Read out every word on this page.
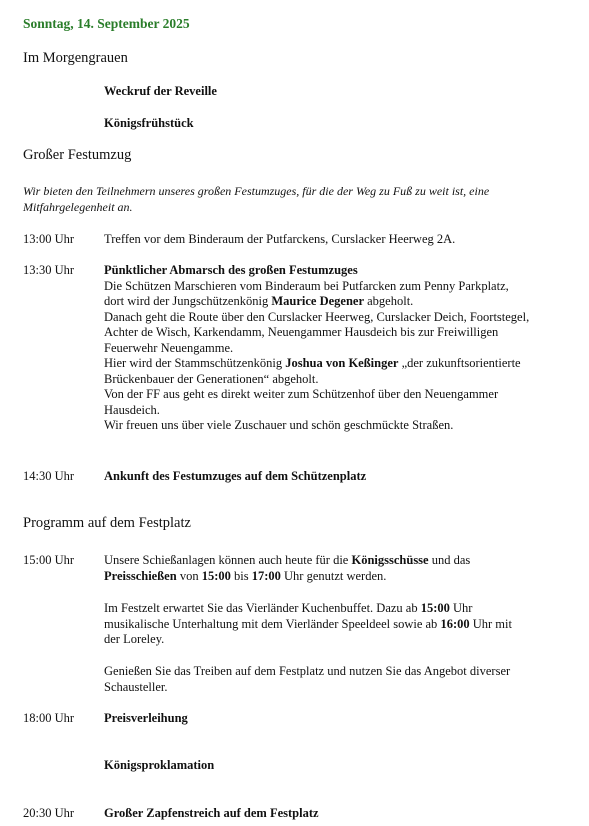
Sonntag, 14. September 2025
Im Morgengrauen
Weckruf der Reveille
Königsfrühstück
Großer Festumzug
Wir bieten den Teilnehmern unseres großen Festumzuges, für die der Weg zu Fuß zu weit ist, eine
Mitfahrgelegenheit an.
13:00 Uhr Treffen vor dem Binderaum der Putfarckens, Curslacker Heerweg 2A.
13:30 Uhr Pünktlicher Abmarsch des großen Festumzuges
Die Schützen Marschieren vom Binderaum bei Putfarcken zum Penny Parkplatz,
dort wird der Jungschützenkönig Maurice Degener abgeholt.
Danach geht die Route über den Curslacker Heerweg, Curslacker Deich, Foortstegel,
Achter de Wisch, Karkendamm, Neuengammer Hausdeich bis zur Freiwilligen
Feuerwehr Neuengamme.
Hier wird der Stammschützenkönig Joshua von Keßinger „der zukunftsorientierte
Brückenbauer der Generationen“ abgeholt.
Von der FF aus geht es direkt weiter zum Schützenhof über den Neuengammer
Hausdeich.
Wir freuen uns über viele Zuschauer und schön geschmückte Straßen.
14:30 Uhr Ankunft des Festumzuges auf dem Schützenplatz
Programm auf dem Festplatz
15:00 Uhr Unsere Schießanlagen können auch heute für die Königsschüsse und das
Preisschießen von 15:00 bis 17:00 Uhr genutzt werden.
Im Festzelt erwartet Sie das Vierländer Kuchenbuffet. Dazu ab 15:00 Uhr
musikalische Unterhaltung mit dem Vierländer Speeldeel sowie ab 16:00 Uhr mit
der Loreley.
Genießen Sie das Treiben auf dem Festplatz und nutzen Sie das Angebot diverser
Schausteller.
18:00 Uhr Preisverleihung
Königsproklamation
20:30 Uhr Großer Zapfenstreich auf dem Festplatz
